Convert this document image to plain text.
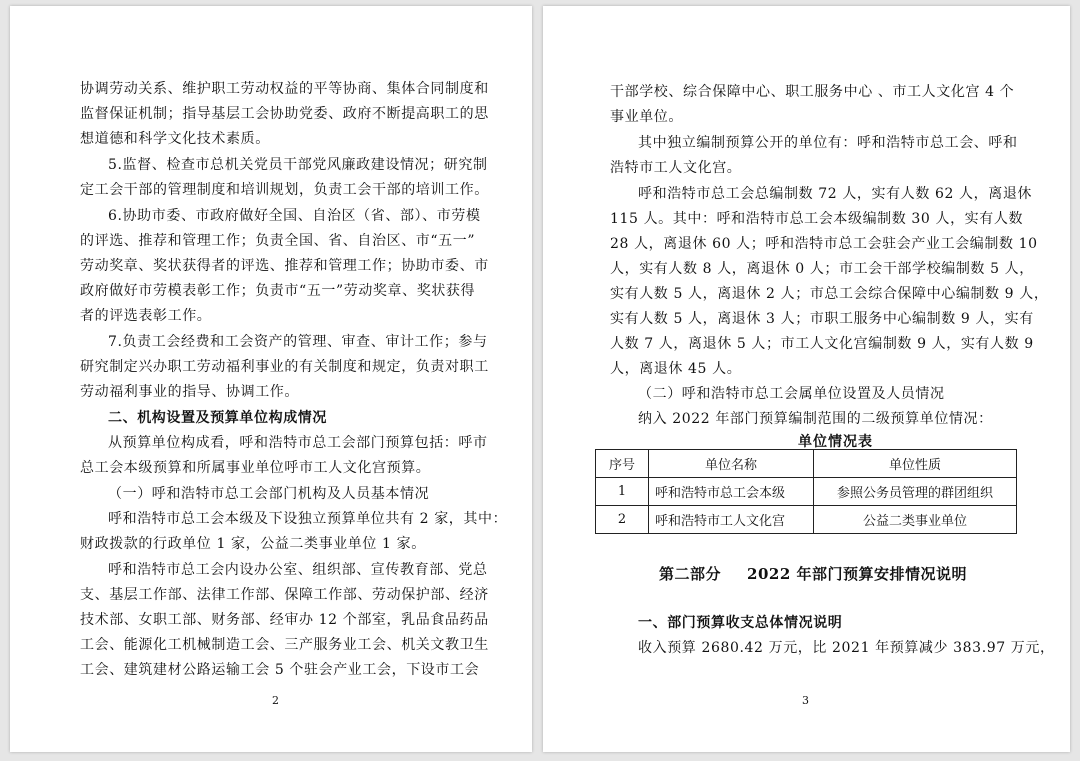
协调劳动关系、维护职工劳动权益的平等协商、集体合同制度和
监督保证机制；指导基层工会协助党委、政府不断提高职工的思
想道德和科学文化技术素质。
5.监督、检查市总机关党员干部党风廉政建设情况；研究制
定工会干部的管理制度和培训规划，负责工会干部的培训工作。
6.协助市委、市政府做好全国、自治区（省、部）、市劳模
的评选、推荐和管理工作；负责全国、省、自治区、市“五一”
劳动奖章、奖状获得者的评选、推荐和管理工作；协助市委、市
政府做好市劳模表彰工作；负责市“五一”劳动奖章、奖状获得
者的评选表彰工作。
7.负责工会经费和工会资产的管理、审查、审计工作；参与
研究制定兴办职工劳动福利事业的有关制度和规定，负责对职工
劳动福利事业的指导、协调工作。
二、机构设置及预算单位构成情况
从预算单位构成看，呼和浩特市总工会部门预算包括：呼市
总工会本级预算和所属事业单位呼市工人文化宫预算。
（一）呼和浩特市总工会部门机构及人员基本情况
呼和浩特市总工会本级及下设独立预算单位共有 2 家，其中：
财政拨款的行政单位 1 家，公益二类事业单位 1 家。
呼和浩特市总工会内设办公室、组织部、宣传教育部、党总
支、基层工作部、法律工作部、保障工作部、劳动保护部、经济
技术部、女职工部、财务部、经审办 12 个部室，乳品食品药品
工会、能源化工机械制造工会、三产服务业工会、机关文教卫生
工会、建筑建材公路运输工会 5 个驻会产业工会，下设市工会
2
干部学校、综合保障中心、职工服务中心 、市工人文化宫 4 个
事业单位。
其中独立编制预算公开的单位有：呼和浩特市总工会、呼和
浩特市工人文化宫。
呼和浩特市总工会总编制数 72 人，实有人数 62 人，离退休
115 人。其中：呼和浩特市总工会本级编制数 30 人，实有人数
28 人，离退休 60 人；呼和浩特市总工会驻会产业工会编制数 10
人，实有人数 8 人，离退休 0 人；市工会干部学校编制数 5 人，
实有人数 5 人，离退休 2 人；市总工会综合保障中心编制数 9 人，
实有人数 5 人，离退休 3 人；市职工服务中心编制数 9 人，实有
人数 7 人，离退休 5 人；市工人文化宫编制数 9 人，实有人数 9
人，离退休 45 人。
（二）呼和浩特市总工会属单位设置及人员情况
纳入 2022 年部门预算编制范围的二级预算单位情况：
单位情况表
序号	单位名称	单位性质
1	呼和浩特市总工会本级	参照公务员管理的群团组织
2	呼和浩特市工人文化宫	公益二类事业单位
第二部分 2022 年部门预算安排情况说明
一、部门预算收支总体情况说明
收入预算 2680.42 万元，比 2021 年预算减少 383.97 万元，
3
